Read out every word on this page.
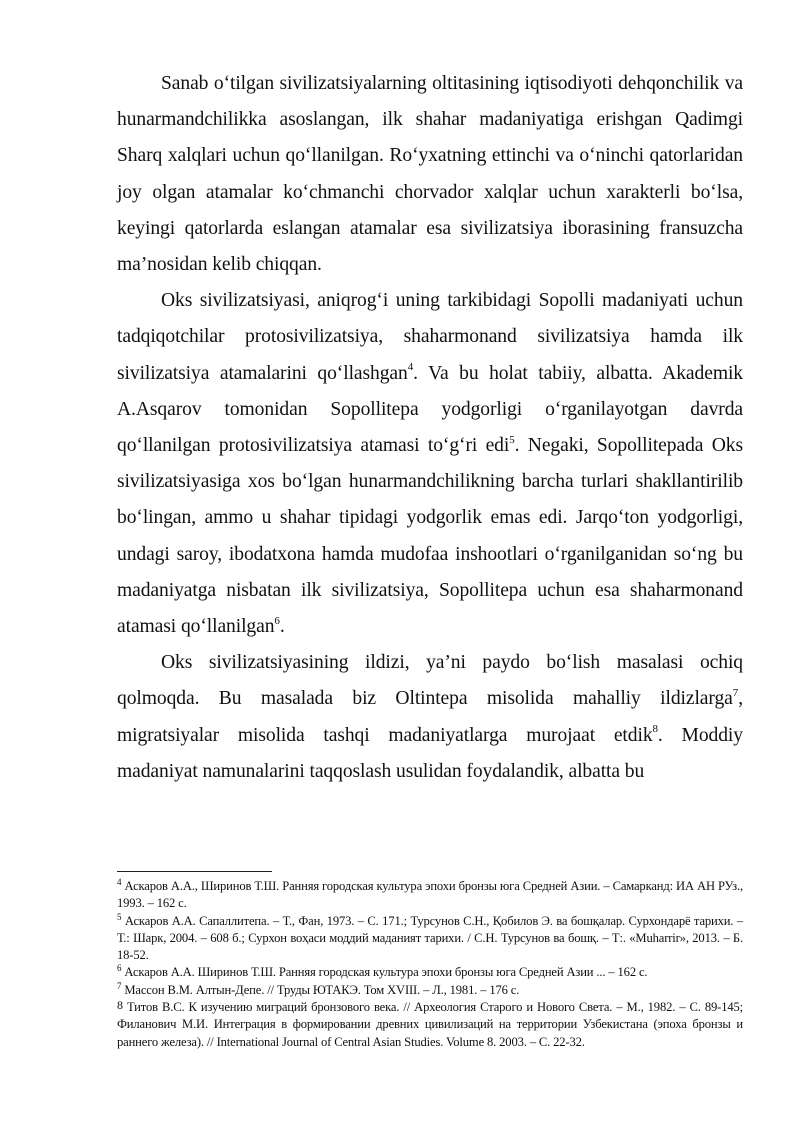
Sanab o‘tilgan sivilizatsiyalarning oltitasining iqtisodiyoti dehqonchilik va hunarmandchilikka asoslangan, ilk shahar madaniyatiga erishgan Qadimgi Sharq xalqlari uchun qo‘llanilgan. Ro‘yxatning ettinchi va o‘ninchi qatorlaridan joy olgan atamalar ko‘chmanchi chorvador xalqlar uchun xarakterli bo‘lsa, keyingi qatorlarda eslangan atamalar esa sivilizatsiya iborasining fransuzcha ma’nosidan kelib chiqqan.

Oks sivilizatsiyasi, aniqrog‘i uning tarkibidagi Sopolli madaniyati uchun tadqiqotchilar protosivilizatsiya, shaharmonand sivilizatsiya hamda ilk sivilizatsiya atamalarini qo‘llashgan$^4$. Va bu holat tabiiy, albatta. Akademik A.Asqarov tomonidan Sopollitepa yodgorligi o‘rganilayotgan davrda qo‘llanilgan protosivilizatsiya atamasi to‘g‘ri edi$^5$. Negaki, Sopollitepada Oks sivilizatsiyasiga xos bo‘lgan hunarmandchilikning barcha turlari shakllantirilib bo‘lingan, ammo u shahar tipidagi yodgorlik emas edi. Jarqo‘ton yodgorligi, undagi saroy, ibodatxona hamda mudofaa inshootlari o‘rganilganidan so‘ng bu madaniyatga nisbatan ilk sivilizatsiya, Sopollitepa uchun esa shaharmonand atamasi qo‘llanilgan$^6$.

Oks sivilizatsiyasining ildizi, ya’ni paydo bo‘lish masalasi ochiq qolmoqda. Bu masalada biz Oltintepa misolida mahalliy ildizlarga$^7$, migratsiyalar misolida tashqi madaniyatlarga murojaat etdik$^8$. Moddiy madaniyat namunalarini taqqoslash usulidan foydalandik, albatta bu

$^4$ Аскаров А.А., Ширинов Т.Ш. Ранняя городская культура эпохи бронзы юга Средней Азии. – Самарканд: ИА АН РУз., 1993. – 162 с.

$^5$ Аскаров А.А. Сапаллитепа. – Т., Фан, 1973. – С. 171.; Турсунов С.Н., Қобилов Э. ва бошқалар. Сурхондарё тарихи. – Т.: Шарк, 2004. – 608 б.; Сурхон воҳаси моддий маданият тарихи. / С.Н. Турсунов ва бошқ. – Т:. «Muharrir», 2013. – Б. 18-52.

$^6$ Аскаров А.А. Ширинов Т.Ш. Ранняя городская культура эпохи бронзы юга Средней Азии ... – 162 с.

$^7$ Массон В.М. Алтын-Депе. // Труды ЮТАКЭ. Том XVIII. – Л., 1981. – 176 с.

8 Титов В.С. К изучению миграций бронзового века. // Археология Старого и Нового Света. – М., 1982. – С. 89-145; Филанович М.И. Интеграция в формировании древних цивилизаций на территории Узбекистана (эпоха бронзы и раннего железа). // International Journal of Central Asian Studies. Volume 8. 2003. – С. 22-32.
